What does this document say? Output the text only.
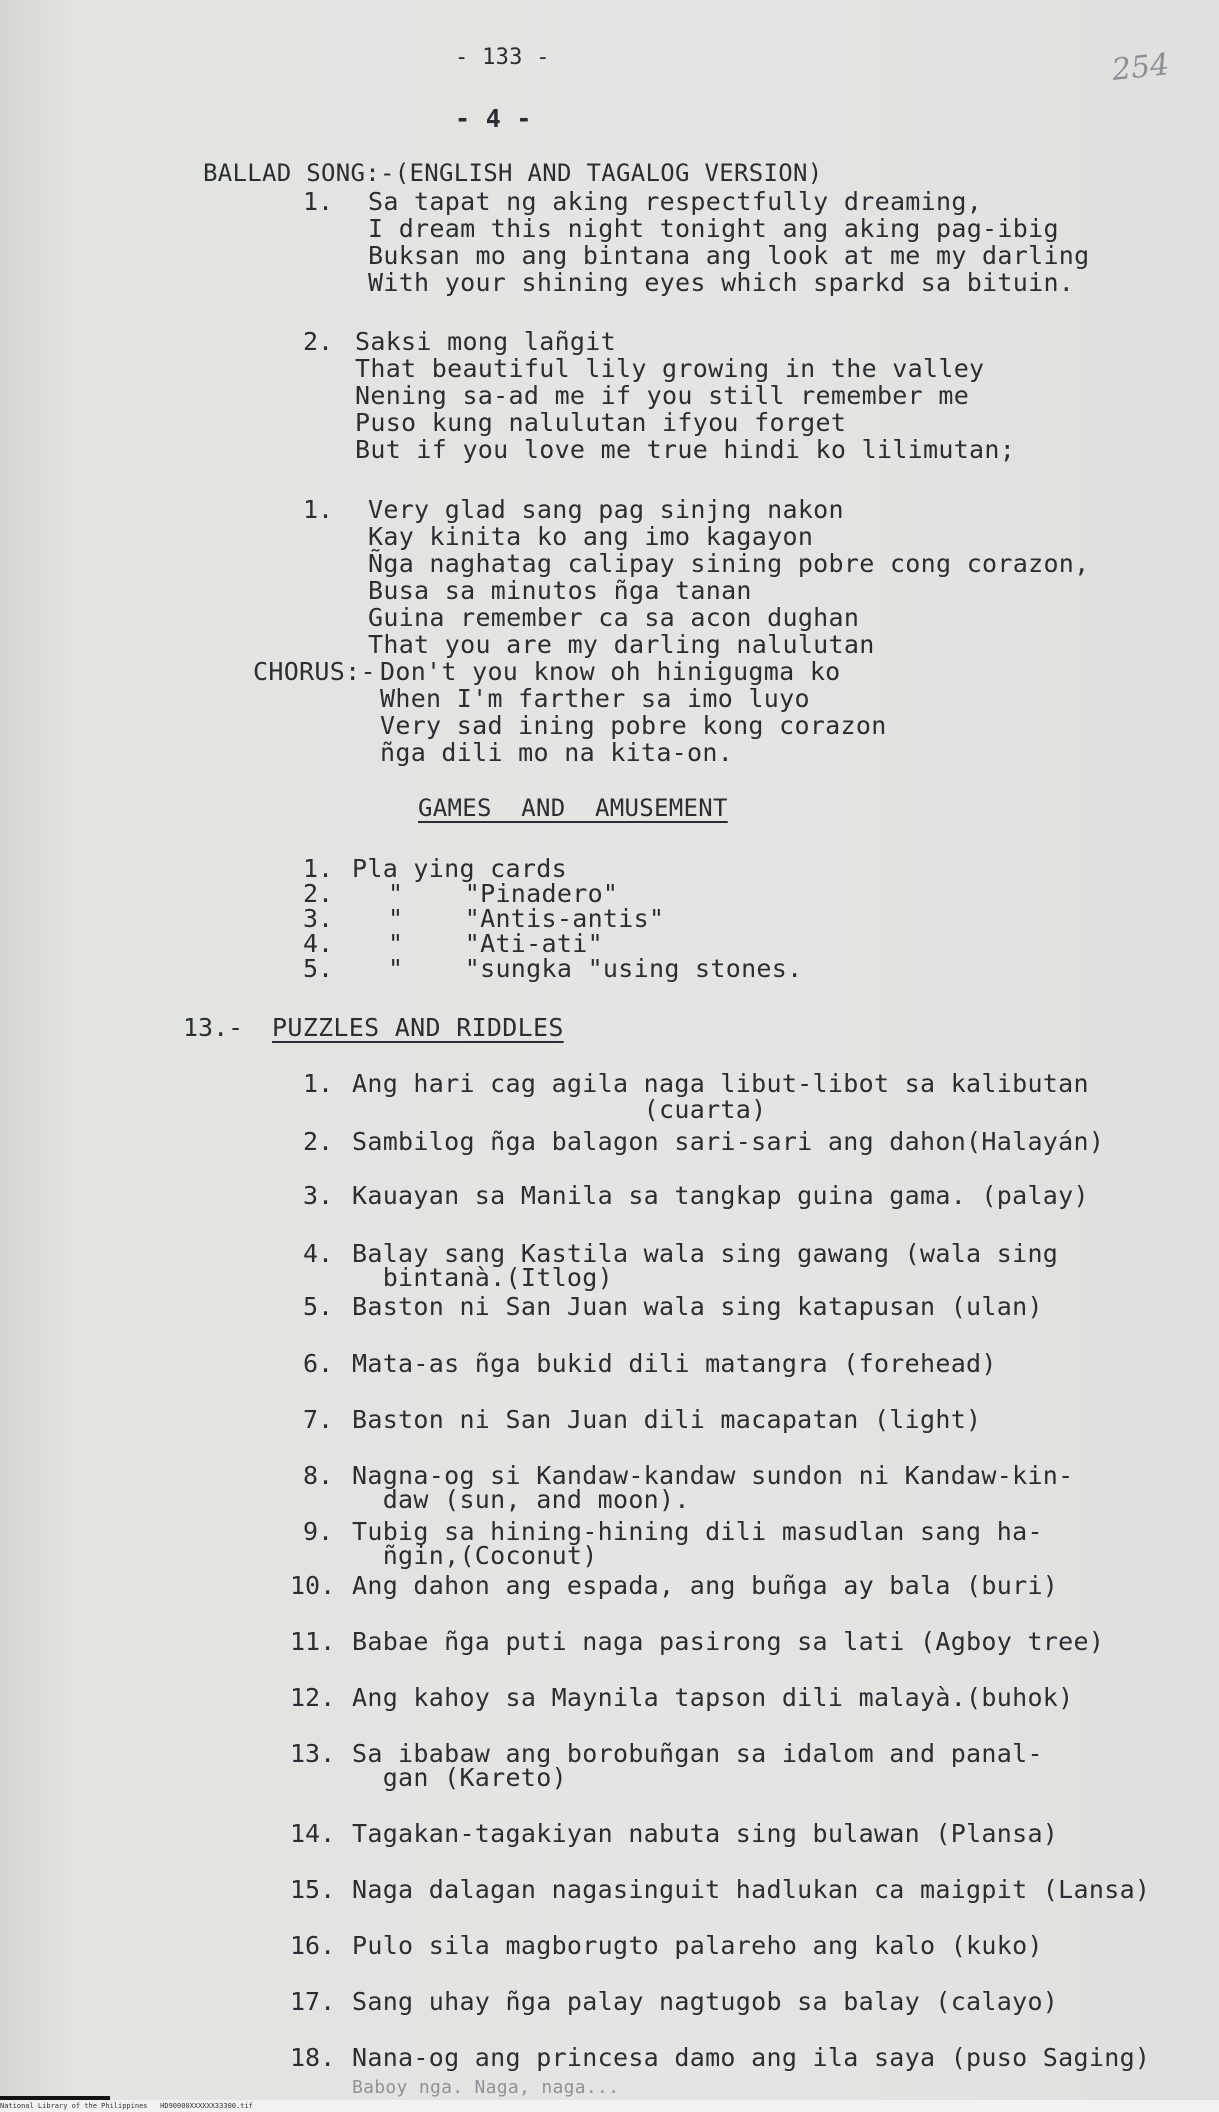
- 133 -	254
- 4 -
BALLAD SONG:-(ENGLISH AND TAGALOG VERSION)
1. Sa tapat ng aking respectfully dreaming,
I dream this night tonight ang aking pag-ibig
Buksan mo ang bintana ang look at me my darling
With your shining eyes which sparkd sa bituin.
2. Saksi mong lañgit
That beautiful lily growing in the valley
Nening sa-ad me if you still remember me
Puso kung nalulutan ifyou forget
But if you love me true hindi ko lilimutan;
1. Very glad sang pag sinjng nakon
Kay kinita ko ang imo kagayon
Ñga naghatag calipay sining pobre cong corazon,
Busa sa minutos ñga tanan
Guina remember ca sa acon dughan
That you are my darling nalulutan
CHORUS:- Don't you know oh hinigugma ko
When I'm farther sa imo luyo
Very sad ining pobre kong corazon
ñga dili mo na kita-on.
GAMES  AND  AMUSEMENT
1. Pla ying cards
2. "    "Pinadero"
3. "    "Antis-antis"
4. "    "Ati-ati"
5. "    "sungka "using stones.
13.- PUZZLES AND RIDDLES
1. Ang hari cag agila naga libut-libot sa kalibutan
(cuarta)
2. Sambilog ñga balagon sari-sari ang dahon(Halayán)
3. Kauayan sa Manila sa tangkap guina gama. (palay)
4. Balay sang Kastila wala sing gawang (wala sing
bintanà.(Itlog)
5. Baston ni San Juan wala sing katapusan (ulan)
6. Mata-as ñga bukid dili matangra (forehead)
7. Baston ni San Juan dili macapatan (light)
8. Nagna-og si Kandaw-kandaw sundon ni Kandaw-kin-
daw (sun, and moon).
9. Tubig sa hining-hining dili masudlan sang ha-
ñgin,(Coconut)
10. Ang dahon ang espada, ang buñga ay bala (buri)
11. Babae ñga puti naga pasirong sa lati (Agboy tree)
12. Ang kahoy sa Maynila tapson dili malayà.(buhok)
13. Sa ibabaw ang borobuñgan sa idalom and panal-
gan (Kareto)
14. Tagakan-tagakiyan nabuta sing bulawan (Plansa)
15. Naga dalagan nagasinguit hadlukan ca maigpit (Lansa)
16. Pulo sila magborugto palareho ang kalo (kuko)
17. Sang uhay ñga palay nagtugob sa balay (calayo)
18. Nana-og ang princesa damo ang ila saya (puso Saging)
Baboy nga. Naga, naga...
National Library of the Philippines   HD90000XXXXXX33300.tif
